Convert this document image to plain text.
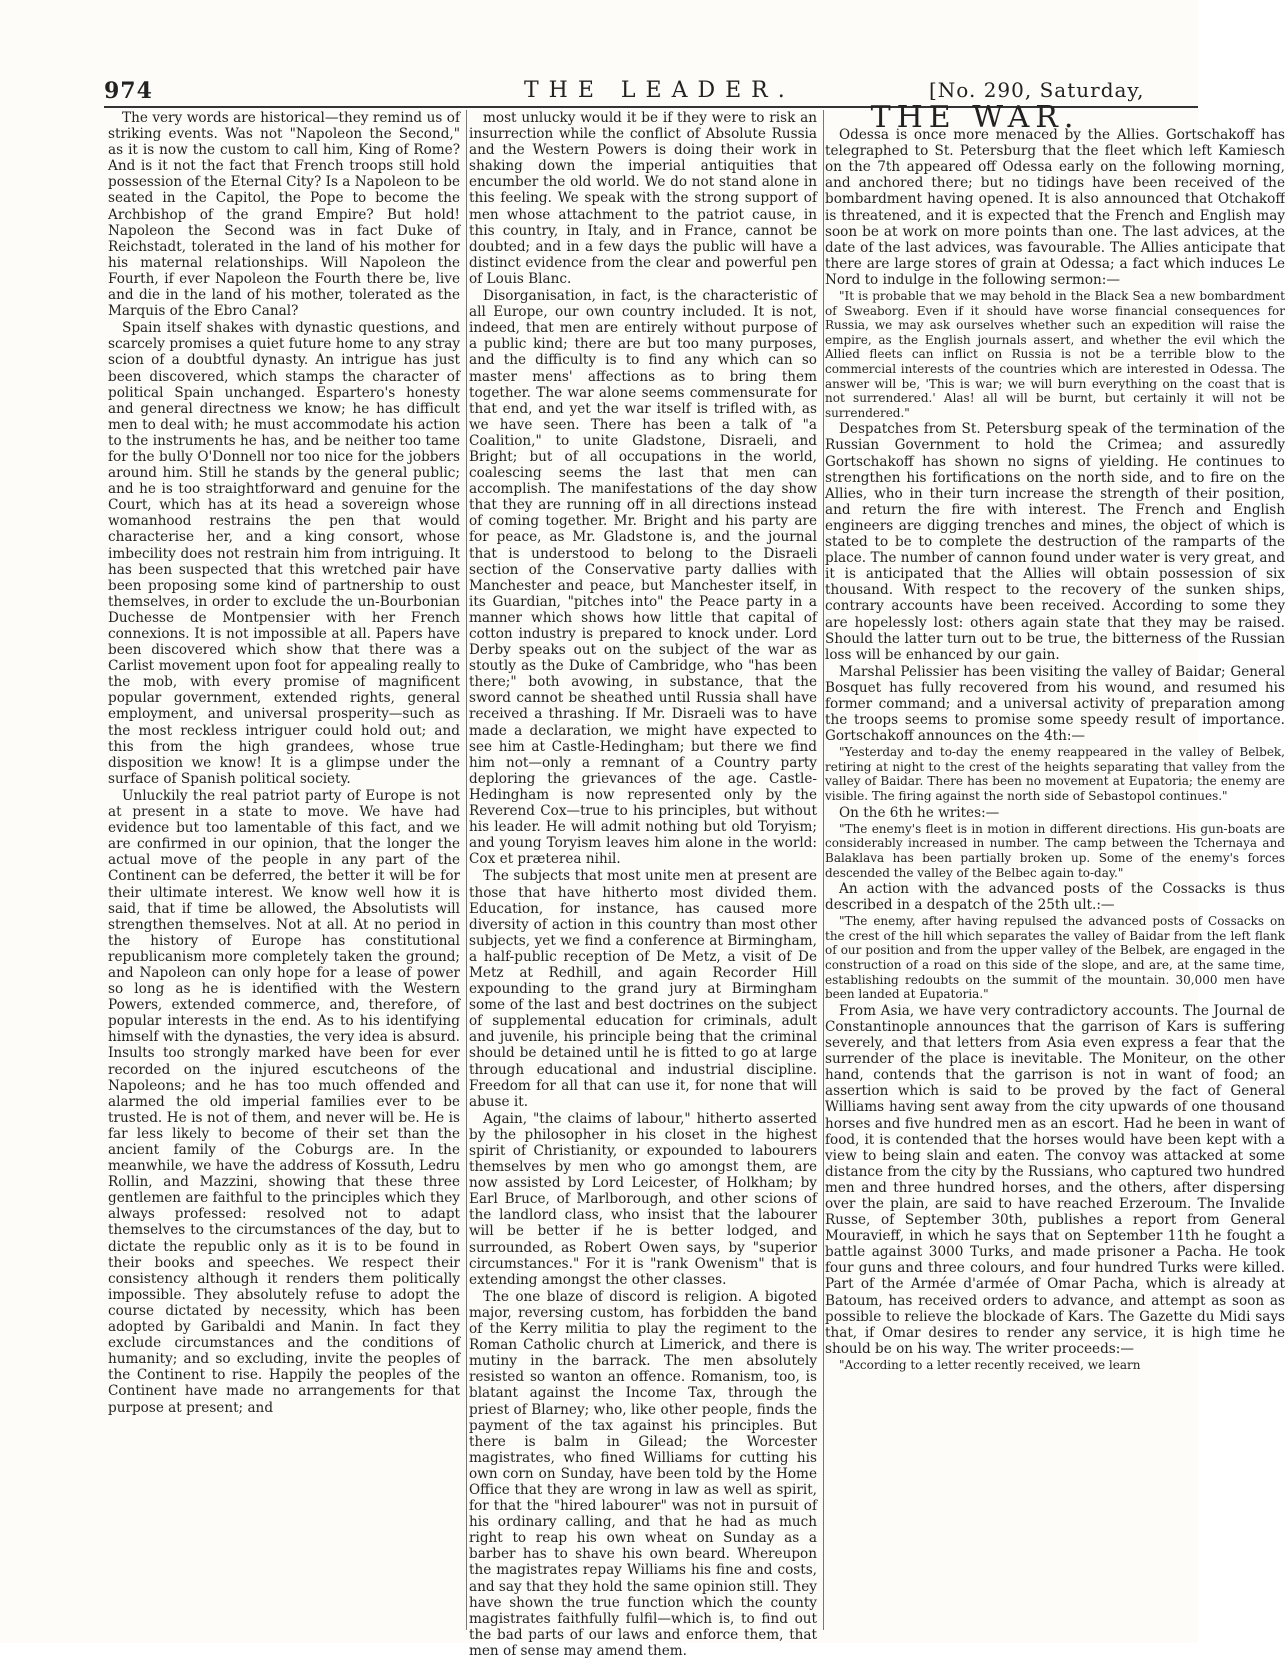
974	THE LEADER.	[No. 290, Saturday,

The very words are historical—they remind us of striking events. Was not "Napoleon the Second," as it is now the custom to call him, King of Rome? And is it not the fact that French troops still hold possession of the Eternal City? Is a Napoleon to be seated in the Capitol, the Pope to become the Archbishop of the grand Empire? But hold! Napoleon the Second was in fact Duke of Reichstadt, tolerated in the land of his mother for his maternal relationships. Will Napoleon the Fourth, if ever Napoleon the Fourth there be, live and die in the land of his mother, tolerated as the Marquis of the Ebro Canal?

Spain itself shakes with dynastic questions, and scarcely promises a quiet future home to any stray scion of a doubtful dynasty. An intrigue has just been discovered, which stamps the character of political Spain unchanged. Espartero's honesty and general directness we know; he has difficult men to deal with; he must accommodate his action to the instruments he has, and be neither too tame for the bully O'Donnell nor too nice for the jobbers around him. Still he stands by the general public; and he is too straightforward and genuine for the Court, which has at its head a sovereign whose womanhood restrains the pen that would characterise her, and a king consort, whose imbecility does not restrain him from intriguing. It has been suspected that this wretched pair have been proposing some kind of partnership to oust themselves, in order to exclude the un-Bourbonian Duchesse de Montpensier with her French connexions. It is not impossible at all. Papers have been discovered which show that there was a Carlist movement upon foot for appealing really to the mob, with every promise of magnificent popular government, extended rights, general employment, and universal prosperity—such as the most reckless intriguer could hold out; and this from the high grandees, whose true disposition we know! It is a glimpse under the surface of Spanish political society.

Unluckily the real patriot party of Europe is not at present in a state to move. We have had evidence but too lamentable of this fact, and we are confirmed in our opinion, that the longer the actual move of the people in any part of the Continent can be deferred, the better it will be for their ultimate interest. We know well how it is said, that if time be allowed, the Absolutists will strengthen themselves. Not at all. At no period in the history of Europe has constitutional republicanism more completely taken the ground; and Napoleon can only hope for a lease of power so long as he is identified with the Western Powers, extended commerce, and, therefore, of popular interests in the end. As to his identifying himself with the dynasties, the very idea is absurd. Insults too strongly marked have been for ever recorded on the injured escutcheons of the Napoleons; and he has too much offended and alarmed the old imperial families ever to be trusted. He is not of them, and never will be. He is far less likely to become of their set than the ancient family of the Coburgs are. In the meanwhile, we have the address of Kossuth, Ledru Rollin, and Mazzini, showing that these three gentlemen are faithful to the principles which they always professed: resolved not to adapt themselves to the circumstances of the day, but to dictate the republic only as it is to be found in their books and speeches. We respect their consistency although it renders them politically impossible. They absolutely refuse to adopt the course dictated by necessity, which has been adopted by Garibaldi and Manin. In fact they exclude circumstances and the conditions of humanity; and so excluding, invite the peoples of the Continent to rise. Happily the peoples of the Continent have made no arrangements for that purpose at present; and

most unlucky would it be if they were to risk an insurrection while the conflict of Absolute Russia and the Western Powers is doing their work in shaking down the imperial antiquities that encumber the old world. We do not stand alone in this feeling. We speak with the strong support of men whose attachment to the patriot cause, in this country, in Italy, and in France, cannot be doubted; and in a few days the public will have a distinct evidence from the clear and powerful pen of Louis Blanc.

Disorganisation, in fact, is the characteristic of all Europe, our own country included. It is not, indeed, that men are entirely without purpose of a public kind; there are but too many purposes, and the difficulty is to find any which can so master mens' affections as to bring them together. The war alone seems commensurate for that end, and yet the war itself is trifled with, as we have seen. There has been a talk of "a Coalition," to unite Gladstone, Disraeli, and Bright; but of all occupations in the world, coalescing seems the last that men can accomplish. The manifestations of the day show that they are running off in all directions instead of coming together. Mr. Bright and his party are for peace, as Mr. Gladstone is, and the journal that is understood to belong to the Disraeli section of the Conservative party dallies with Manchester and peace, but Manchester itself, in its Guardian, "pitches into" the Peace party in a manner which shows how little that capital of cotton industry is prepared to knock under. Lord Derby speaks out on the subject of the war as stoutly as the Duke of Cambridge, who "has been there;" both avowing, in substance, that the sword cannot be sheathed until Russia shall have received a thrashing. If Mr. Disraeli was to have made a declaration, we might have expected to see him at Castle-Hedingham; but there we find him not—only a remnant of a Country party deploring the grievances of the age. Castle-Hedingham is now represented only by the Reverend Cox—true to his principles, but without his leader. He will admit nothing but old Toryism; and young Toryism leaves him alone in the world: Cox et præterea nihil.

The subjects that most unite men at present are those that have hitherto most divided them. Education, for instance, has caused more diversity of action in this country than most other subjects, yet we find a conference at Birmingham, a half-public reception of De Metz, a visit of De Metz at Redhill, and again Recorder Hill expounding to the grand jury at Birmingham some of the last and best doctrines on the subject of supplemental education for criminals, adult and juvenile, his principle being that the criminal should be detained until he is fitted to go at large through educational and industrial discipline. Freedom for all that can use it, for none that will abuse it.

Again, "the claims of labour," hitherto asserted by the philosopher in his closet in the highest spirit of Christianity, or expounded to labourers themselves by men who go amongst them, are now assisted by Lord Leicester, of Holkham; by Earl Bruce, of Marlborough, and other scions of the landlord class, who insist that the labourer will be better if he is better lodged, and surrounded, as Robert Owen says, by "superior circumstances." For it is "rank Owenism" that is extending amongst the other classes.

The one blaze of discord is religion. A bigoted major, reversing custom, has forbidden the band of the Kerry militia to play the regiment to the Roman Catholic church at Limerick, and there is mutiny in the barrack. The men absolutely resisted so wanton an offence. Romanism, too, is blatant against the Income Tax, through the priest of Blarney; who, like other people, finds the payment of the tax against his principles. But there is balm in Gilead; the Worcester magistrates, who fined Williams for cutting his own corn on Sunday, have been told by the Home Office that they are wrong in law as well as spirit, for that the "hired labourer" was not in pursuit of his ordinary calling, and that he had as much right to reap his own wheat on Sunday as a barber has to shave his own beard. Whereupon the magistrates repay Williams his fine and costs, and say that they hold the same opinion still. They have shown the true function which the county magistrates faithfully fulfil—which is, to find out the bad parts of our laws and enforce them, that men of sense may amend them.

THE WAR.

Odessa is once more menaced by the Allies. Gortschakoff has telegraphed to St. Petersburg that the fleet which left Kamiesch on the 7th appeared off Odessa early on the following morning, and anchored there; but no tidings have been received of the bombardment having opened. It is also announced that Otchakoff is threatened, and it is expected that the French and English may soon be at work on more points than one. The last advices, at the date of the last advices, was favourable. The Allies anticipate that there are large stores of grain at Odessa; a fact which induces Le Nord to indulge in the following sermon:—

"It is probable that we may behold in the Black Sea a new bombardment of Sweaborg. Even if it should have worse financial consequences for Russia, we may ask ourselves whether such an expedition will raise the empire, as the English journals assert, and whether the evil which the Allied fleets can inflict on Russia is not be a terrible blow to the commercial interests of the countries which are interested in Odessa. The answer will be, 'This is war; we will burn everything on the coast that is not surrendered.' Alas! all will be burnt, but certainly it will not be surrendered."

Despatches from St. Petersburg speak of the termination of the Russian Government to hold the Crimea; and assuredly Gortschakoff has shown no signs of yielding. He continues to strengthen his fortifications on the north side, and to fire on the Allies, who in their turn increase the strength of their position, and return the fire with interest. The French and English engineers are digging trenches and mines, the object of which is stated to be to complete the destruction of the ramparts of the place. The number of cannon found under water is very great, and it is anticipated that the Allies will obtain possession of six thousand. With respect to the recovery of the sunken ships, contrary accounts have been received. According to some they are hopelessly lost: others again state that they may be raised. Should the latter turn out to be true, the bitterness of the Russian loss will be enhanced by our gain.

Marshal Pelissier has been visiting the valley of Baidar; General Bosquet has fully recovered from his wound, and resumed his former command; and a universal activity of preparation among the troops seems to promise some speedy result of importance. Gortschakoff announces on the 4th:—

"Yesterday and to-day the enemy reappeared in the valley of Belbek, retiring at night to the crest of the heights separating that valley from the valley of Baidar. There has been no movement at Eupatoria; the enemy are visible. The firing against the north side of Sebastopol continues."

On the 6th he writes:—

"The enemy's fleet is in motion in different directions. His gun-boats are considerably increased in number. The camp between the Tchernaya and Balaklava has been partially broken up. Some of the enemy's forces descended the valley of the Belbec again to-day."

An action with the advanced posts of the Cossacks is thus described in a despatch of the 25th ult.:—

"The enemy, after having repulsed the advanced posts of Cossacks on the crest of the hill which separates the valley of Baidar from the left flank of our position and from the upper valley of the Belbek, are engaged in the construction of a road on this side of the slope, and are, at the same time, establishing redoubts on the summit of the mountain. 30,000 men have been landed at Eupatoria."

From Asia, we have very contradictory accounts. The Journal de Constantinople announces that the garrison of Kars is suffering severely, and that letters from Asia even express a fear that the surrender of the place is inevitable. The Moniteur, on the other hand, contends that the garrison is not in want of food; an assertion which is said to be proved by the fact of General Williams having sent away from the city upwards of one thousand horses and five hundred men as an escort. Had he been in want of food, it is contended that the horses would have been kept with a view to being slain and eaten. The convoy was attacked at some distance from the city by the Russians, who captured two hundred men and three hundred horses, and the others, after dispersing over the plain, are said to have reached Erzeroum. The Invalide Russe, of September 30th, publishes a report from General Mouravieff, in which he says that on September 11th he fought a battle against 3000 Turks, and made prisoner a Pacha. He took four guns and three colours, and four hundred Turks were killed. Part of the Armée d'armée of Omar Pacha, which is already at Batoum, has received orders to advance, and attempt as soon as possible to relieve the blockade of Kars. The Gazette du Midi says that, if Omar desires to render any service, it is high time he should be on his way. The writer proceeds:—

"According to a letter recently received, we learn
